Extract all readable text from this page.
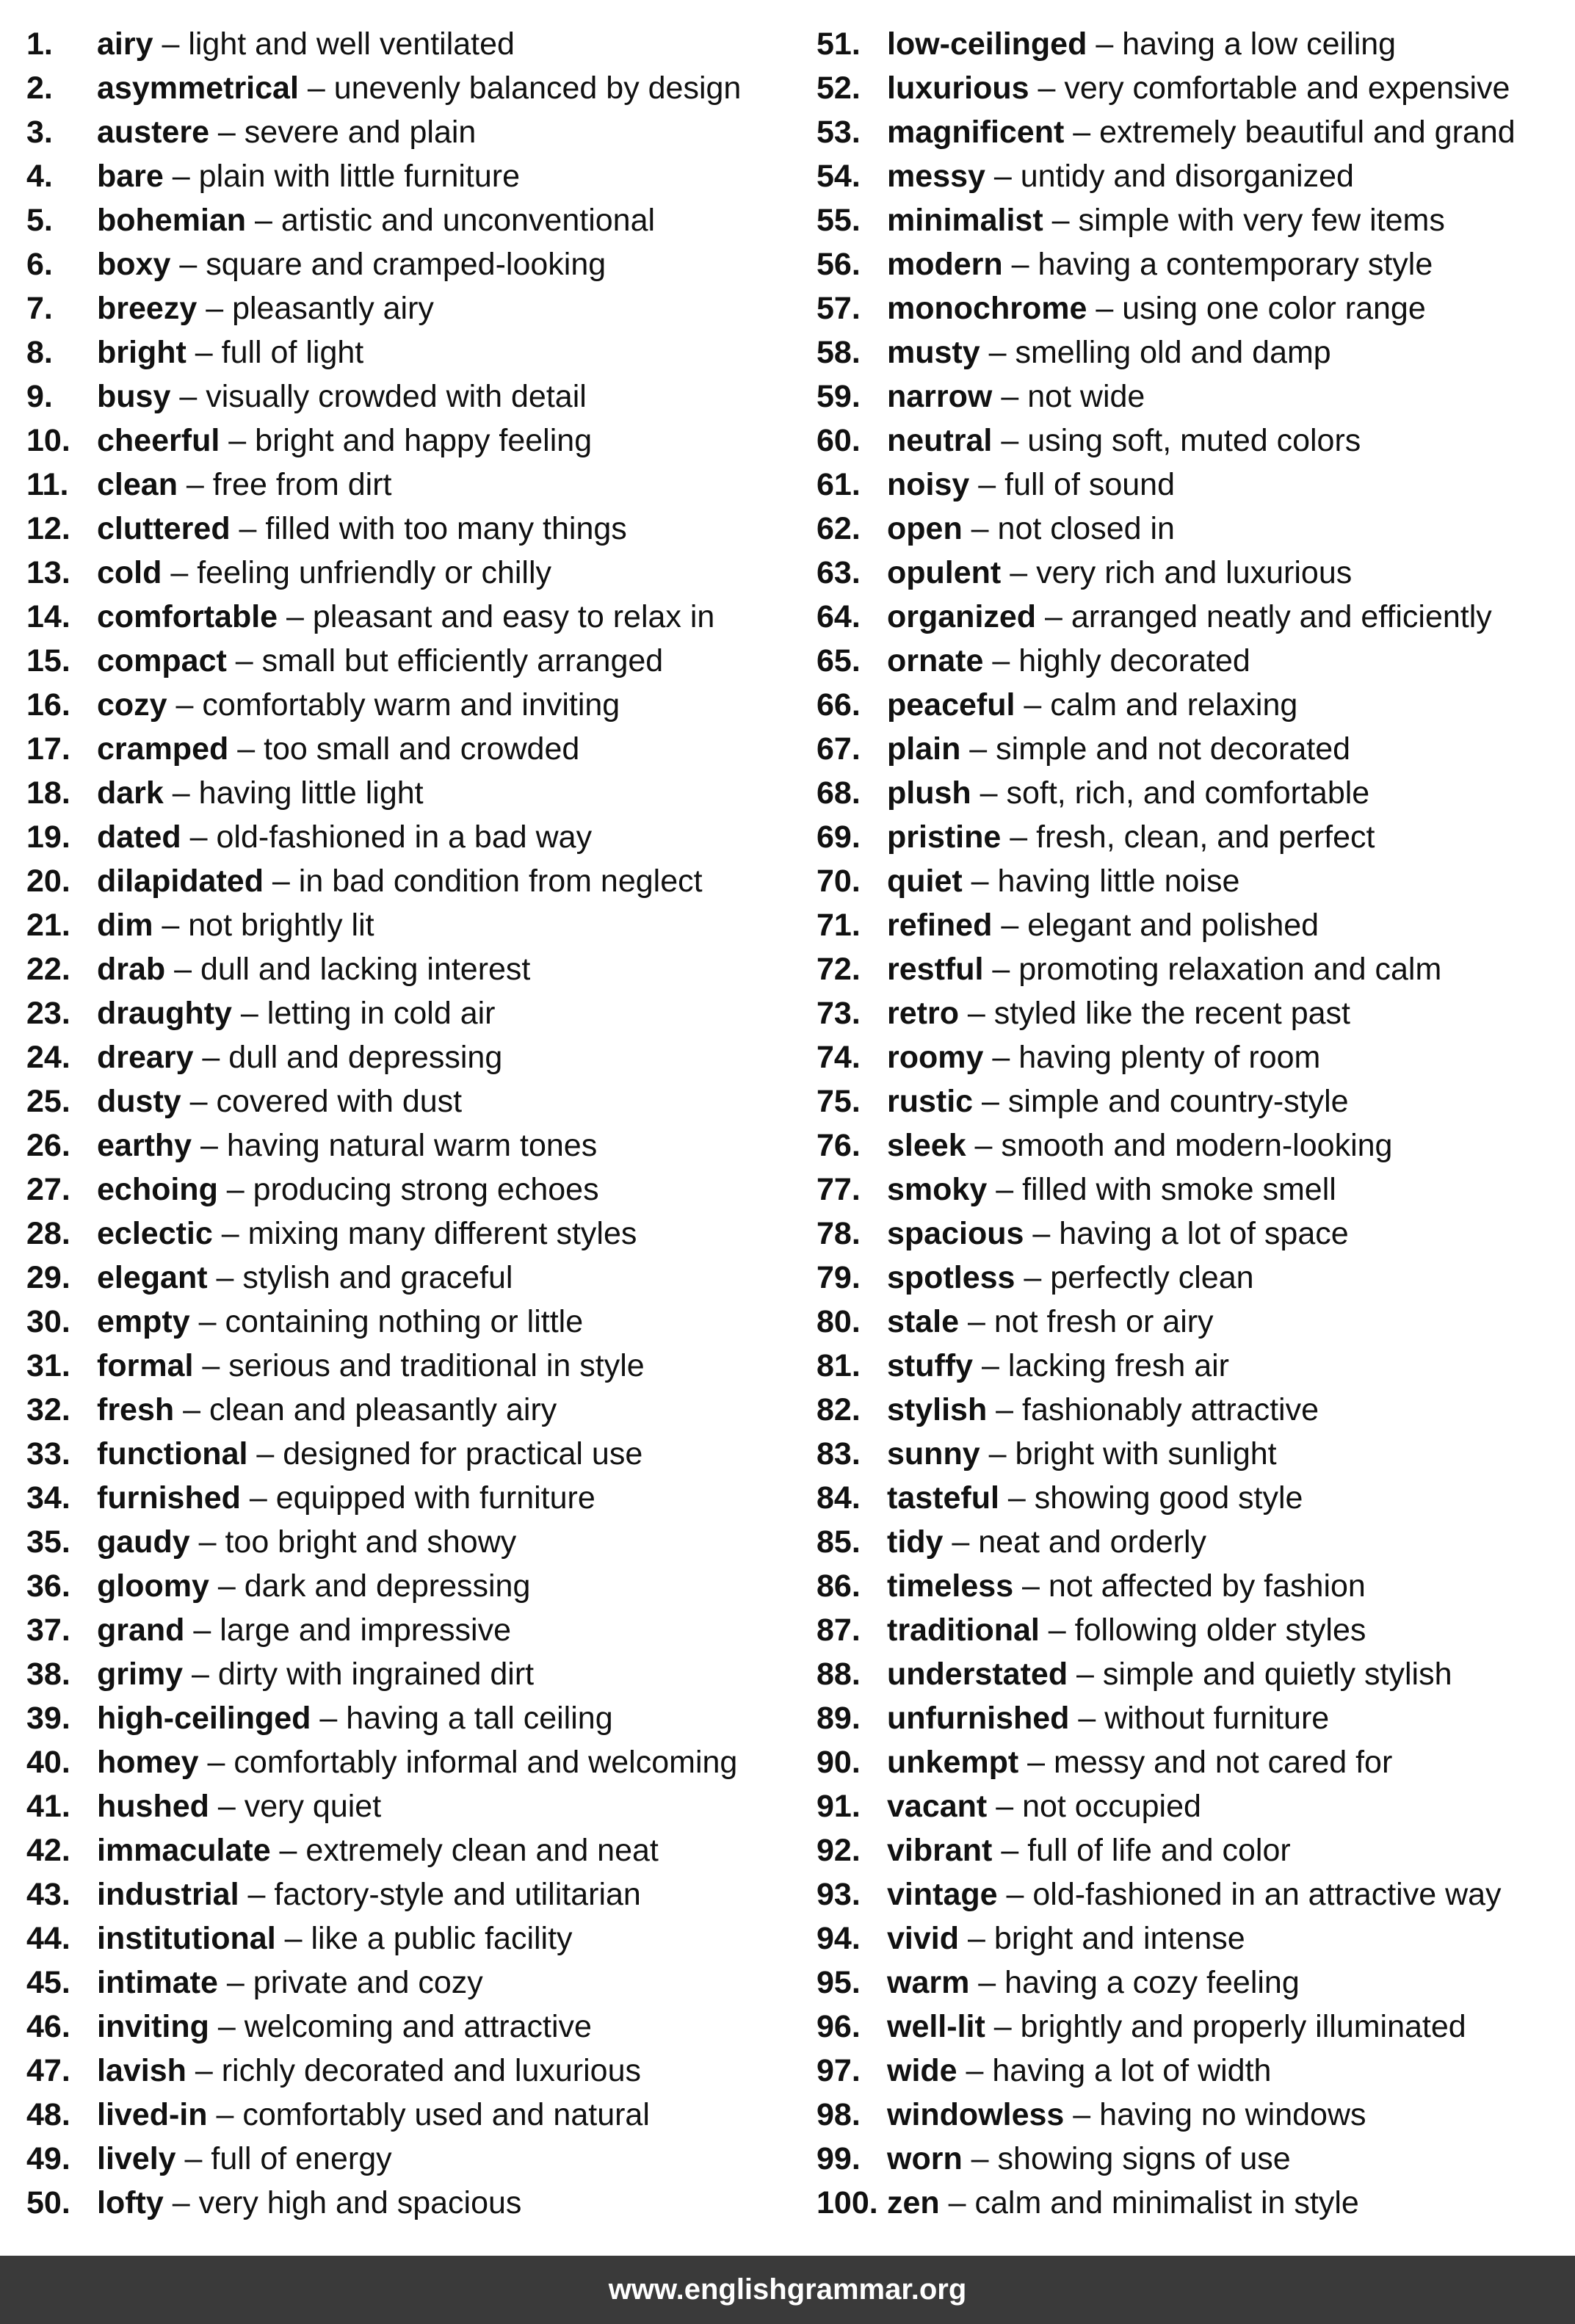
1.	airy – light and well ventilated
2.	asymmetrical – unevenly balanced by design
3.	austere – severe and plain
4.	bare – plain with little furniture
5.	bohemian – artistic and unconventional
6.	boxy – square and cramped-looking
7.	breezy – pleasantly airy
8.	bright – full of light
9.	busy – visually crowded with detail
10. cheerful – bright and happy feeling
11. clean – free from dirt
12. cluttered – filled with too many things
13. cold – feeling unfriendly or chilly
14. comfortable – pleasant and easy to relax in
15. compact – small but efficiently arranged
16. cozy – comfortably warm and inviting
17. cramped – too small and crowded
18. dark – having little light
19. dated – old-fashioned in a bad way
20. dilapidated – in bad condition from neglect
21. dim – not brightly lit
22. drab – dull and lacking interest
23. draughty – letting in cold air
24. dreary – dull and depressing
25. dusty – covered with dust
26. earthy – having natural warm tones
27. echoing – producing strong echoes
28. eclectic – mixing many different styles
29. elegant – stylish and graceful
30. empty – containing nothing or little
31. formal – serious and traditional in style
32. fresh – clean and pleasantly airy
33. functional – designed for practical use
34. furnished – equipped with furniture
35. gaudy – too bright and showy
36. gloomy – dark and depressing
37. grand – large and impressive
38. grimy – dirty with ingrained dirt
39. high-ceilinged – having a tall ceiling
40. homey – comfortably informal and welcoming
41. hushed – very quiet
42. immaculate – extremely clean and neat
43. industrial – factory-style and utilitarian
44. institutional – like a public facility
45. intimate – private and cozy
46. inviting – welcoming and attractive
47. lavish – richly decorated and luxurious
48. lived-in – comfortably used and natural
49. lively – full of energy
50. lofty – very high and spacious
51. low-ceilinged – having a low ceiling
52. luxurious – very comfortable and expensive
53. magnificent – extremely beautiful and grand
54. messy – untidy and disorganized
55. minimalist – simple with very few items
56. modern – having a contemporary style
57. monochrome – using one color range
58. musty – smelling old and damp
59. narrow – not wide
60. neutral – using soft, muted colors
61. noisy – full of sound
62. open – not closed in
63. opulent – very rich and luxurious
64. organized – arranged neatly and efficiently
65. ornate – highly decorated
66. peaceful – calm and relaxing
67. plain – simple and not decorated
68. plush – soft, rich, and comfortable
69. pristine – fresh, clean, and perfect
70. quiet – having little noise
71. refined – elegant and polished
72. restful – promoting relaxation and calm
73. retro – styled like the recent past
74. roomy – having plenty of room
75. rustic – simple and country-style
76. sleek – smooth and modern-looking
77. smoky – filled with smoke smell
78. spacious – having a lot of space
79. spotless – perfectly clean
80. stale – not fresh or airy
81. stuffy – lacking fresh air
82. stylish – fashionably attractive
83. sunny – bright with sunlight
84. tasteful – showing good style
85. tidy – neat and orderly
86. timeless – not affected by fashion
87. traditional – following older styles
88. understated – simple and quietly stylish
89. unfurnished – without furniture
90. unkempt – messy and not cared for
91. vacant – not occupied
92. vibrant – full of life and color
93. vintage – old-fashioned in an attractive way
94. vivid – bright and intense
95. warm – having a cozy feeling
96. well-lit – brightly and properly illuminated
97. wide – having a lot of width
98. windowless – having no windows
99. worn – showing signs of use
100. zen – calm and minimalist in style
www.englishgrammar.org
